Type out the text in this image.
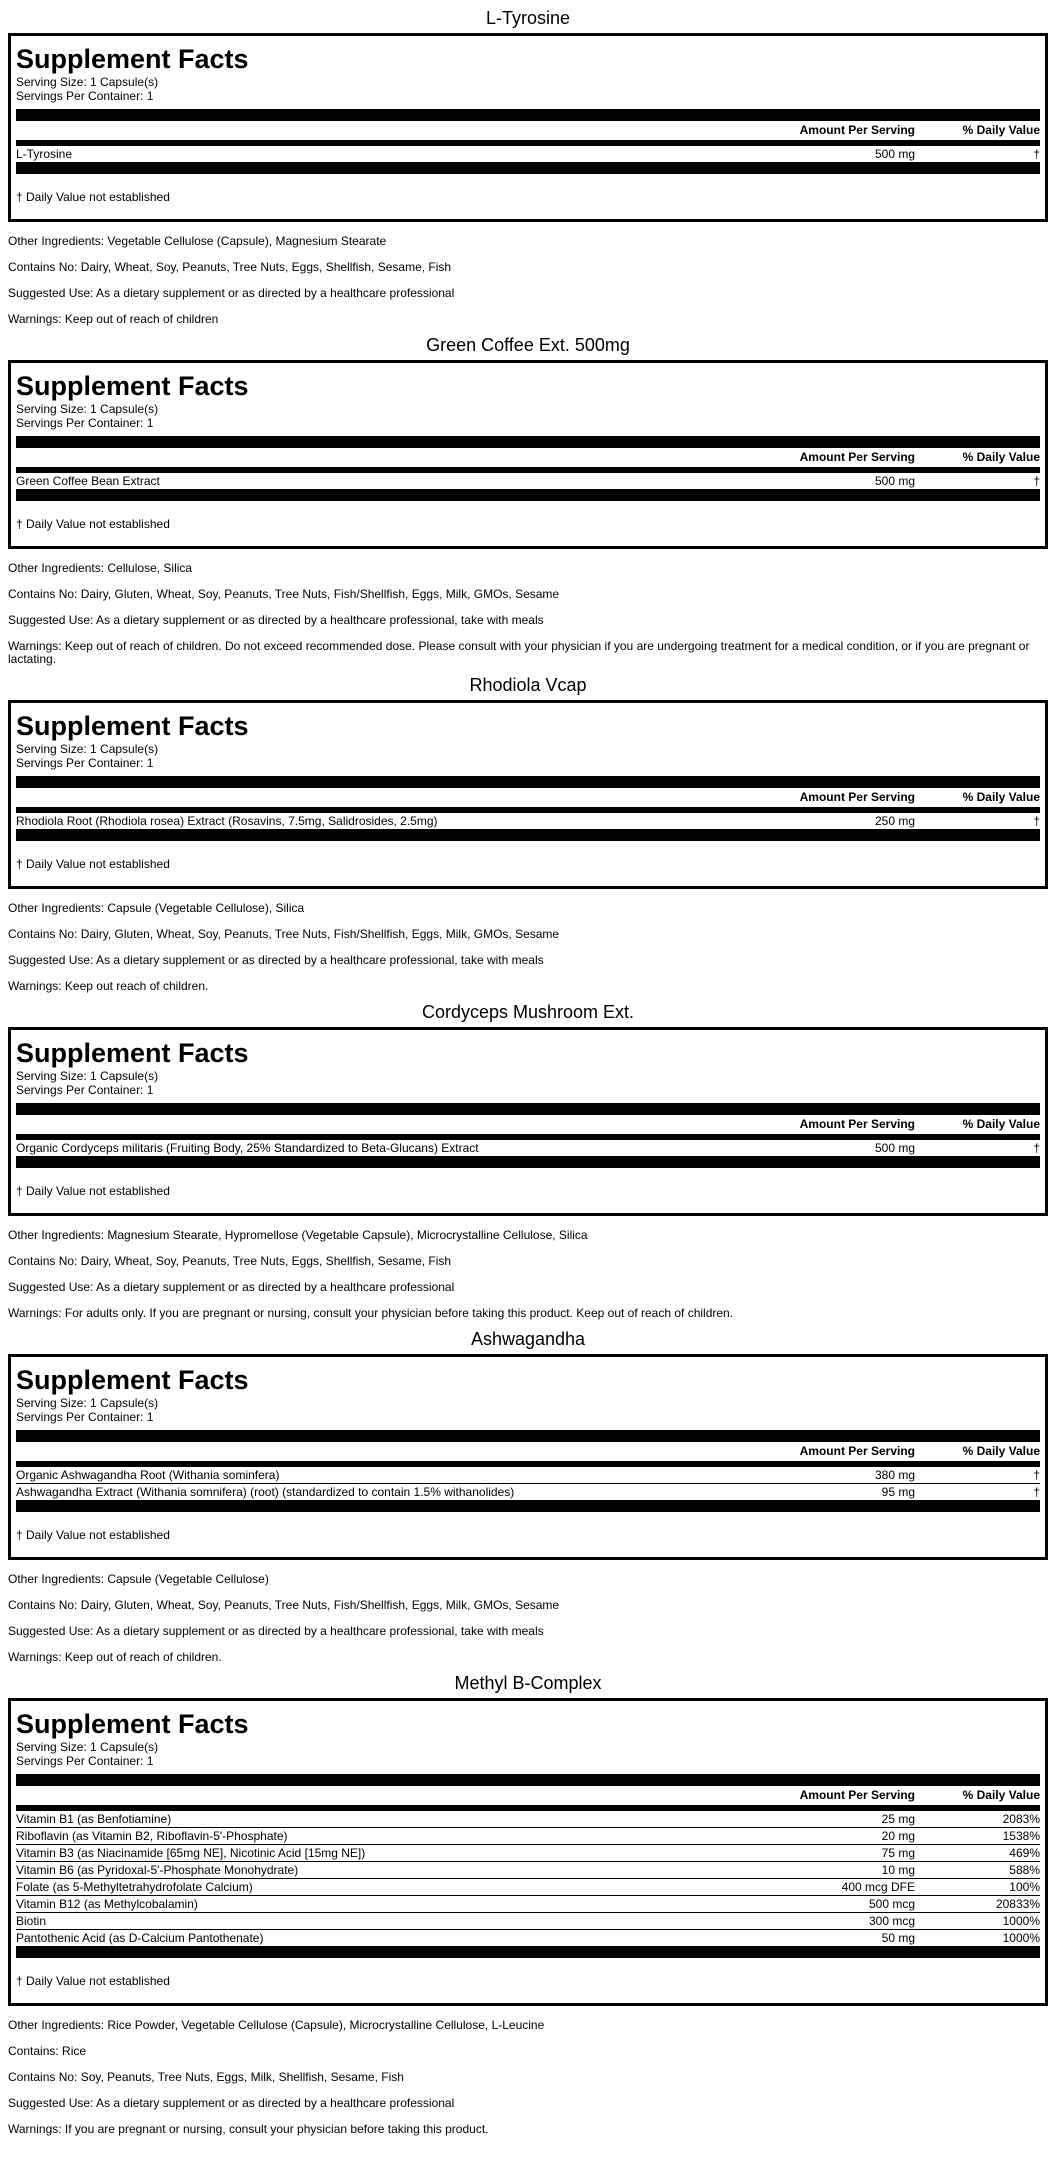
L-Tyrosine
Supplement Facts
Serving Size: 1 Capsule(s)
Servings Per Container: 1
Amount Per Serving	% Daily Value
L-Tyrosine	500 mg	†
† Daily Value not established

Other Ingredients: Vegetable Cellulose (Capsule), Magnesium Stearate

Contains No: Dairy, Wheat, Soy, Peanuts, Tree Nuts, Eggs, Shellfish, Sesame, Fish

Suggested Use: As a dietary supplement or as directed by a healthcare professional

Warnings: Keep out of reach of children

Green Coffee Ext. 500mg
Supplement Facts
Serving Size: 1 Capsule(s)
Servings Per Container: 1
Amount Per Serving	% Daily Value
Green Coffee Bean Extract	500 mg	†
† Daily Value not established

Other Ingredients: Cellulose, Silica

Contains No: Dairy, Gluten, Wheat, Soy, Peanuts, Tree Nuts, Fish/Shellfish, Eggs, Milk, GMOs, Sesame

Suggested Use: As a dietary supplement or as directed by a healthcare professional, take with meals

Warnings: Keep out of reach of children. Do not exceed recommended dose. Please consult with your physician if you are undergoing treatment for a medical condition, or if you are pregnant or lactating.

Rhodiola Vcap
Supplement Facts
Serving Size: 1 Capsule(s)
Servings Per Container: 1
Amount Per Serving	% Daily Value
Rhodiola Root (Rhodiola rosea) Extract (Rosavins, 7.5mg, Salidrosides, 2.5mg)	250 mg	†
† Daily Value not established

Other Ingredients: Capsule (Vegetable Cellulose), Silica

Contains No: Dairy, Gluten, Wheat, Soy, Peanuts, Tree Nuts, Fish/Shellfish, Eggs, Milk, GMOs, Sesame

Suggested Use: As a dietary supplement or as directed by a healthcare professional, take with meals

Warnings: Keep out reach of children.

Cordyceps Mushroom Ext.
Supplement Facts
Serving Size: 1 Capsule(s)
Servings Per Container: 1
Amount Per Serving	% Daily Value
Organic Cordyceps militaris (Fruiting Body, 25% Standardized to Beta-Glucans) Extract	500 mg	†
† Daily Value not established

Other Ingredients: Magnesium Stearate, Hypromellose (Vegetable Capsule), Microcrystalline Cellulose, Silica

Contains No: Dairy, Wheat, Soy, Peanuts, Tree Nuts, Eggs, Shellfish, Sesame, Fish

Suggested Use: As a dietary supplement or as directed by a healthcare professional

Warnings: For adults only. If you are pregnant or nursing, consult your physician before taking this product. Keep out of reach of children.

Ashwagandha
Supplement Facts
Serving Size: 1 Capsule(s)
Servings Per Container: 1
Amount Per Serving	% Daily Value
Organic Ashwagandha Root (Withania sominfera)	380 mg	†
Ashwagandha Extract (Withania somnifera) (root) (standardized to contain 1.5% withanolides)	95 mg	†
† Daily Value not established

Other Ingredients: Capsule (Vegetable Cellulose)

Contains No: Dairy, Gluten, Wheat, Soy, Peanuts, Tree Nuts, Fish/Shellfish, Eggs, Milk, GMOs, Sesame

Suggested Use: As a dietary supplement or as directed by a healthcare professional, take with meals

Warnings: Keep out of reach of children.

Methyl B-Complex
Supplement Facts
Serving Size: 1 Capsule(s)
Servings Per Container: 1
Amount Per Serving	% Daily Value
Vitamin B1 (as Benfotiamine)	25 mg	2083%
Riboflavin (as Vitamin B2, Riboflavin-5'-Phosphate)	20 mg	1538%
Vitamin B3 (as Niacinamide [65mg NE], Nicotinic Acid [15mg NE])	75 mg	469%
Vitamin B6 (as Pyridoxal-5'-Phosphate Monohydrate)	10 mg	588%
Folate (as 5-Methyltetrahydrofolate Calcium)	400 mcg DFE	100%
Vitamin B12 (as Methylcobalamin)	500 mcg	20833%
Biotin	300 mcg	1000%
Pantothenic Acid (as D-Calcium Pantothenate)	50 mg	1000%
† Daily Value not established

Other Ingredients: Rice Powder, Vegetable Cellulose (Capsule), Microcrystalline Cellulose, L-Leucine

Contains: Rice

Contains No: Soy, Peanuts, Tree Nuts, Eggs, Milk, Shellfish, Sesame, Fish

Suggested Use: As a dietary supplement or as directed by a healthcare professional

Warnings: If you are pregnant or nursing, consult your physician before taking this product.
